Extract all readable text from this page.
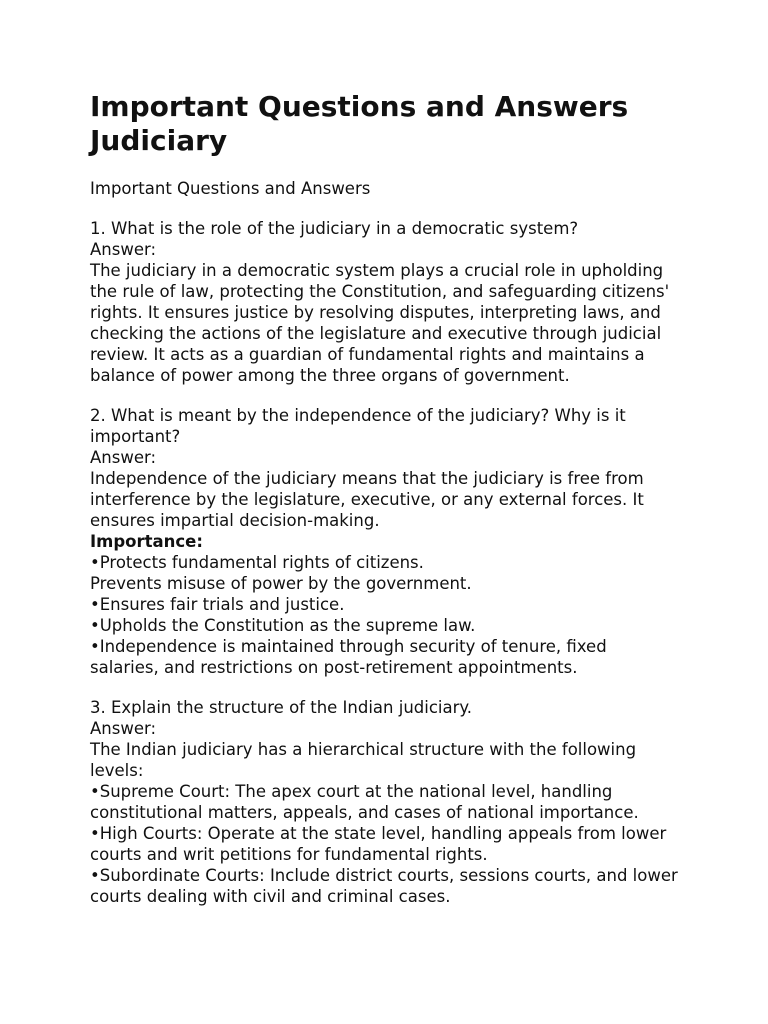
Important Questions and Answers Judiciary
Important Questions and Answers

1. What is the role of the judiciary in a democratic system?

Answer:

The judiciary in a democratic system plays a crucial role in upholding the rule of law, protecting the Constitution, and safeguarding citizens' rights. It ensures justice by resolving disputes, interpreting laws, and checking the actions of the legislature and executive through judicial review. It acts as a guardian of fundamental rights and maintains a balance of power among the three organs of government.

2. What is meant by the independence of the judiciary? Why is it important?

Answer:

Independence of the judiciary means that the judiciary is free from interference by the legislature, executive, or any external forces. It ensures impartial decision-making.

Importance:

•Protects fundamental rights of citizens.

Prevents misuse of power by the government.

•Ensures fair trials and justice.

•Upholds the Constitution as the supreme law.

•Independence is maintained through security of tenure, fixed salaries, and restrictions on post-retirement appointments.

3. Explain the structure of the Indian judiciary.

Answer:

The Indian judiciary has a hierarchical structure with the following levels:

•Supreme Court: The apex court at the national level, handling constitutional matters, appeals, and cases of national importance.

•High Courts: Operate at the state level, handling appeals from lower courts and writ petitions for fundamental rights.

•Subordinate Courts: Include district courts, sessions courts, and lower courts dealing with civil and criminal cases.
